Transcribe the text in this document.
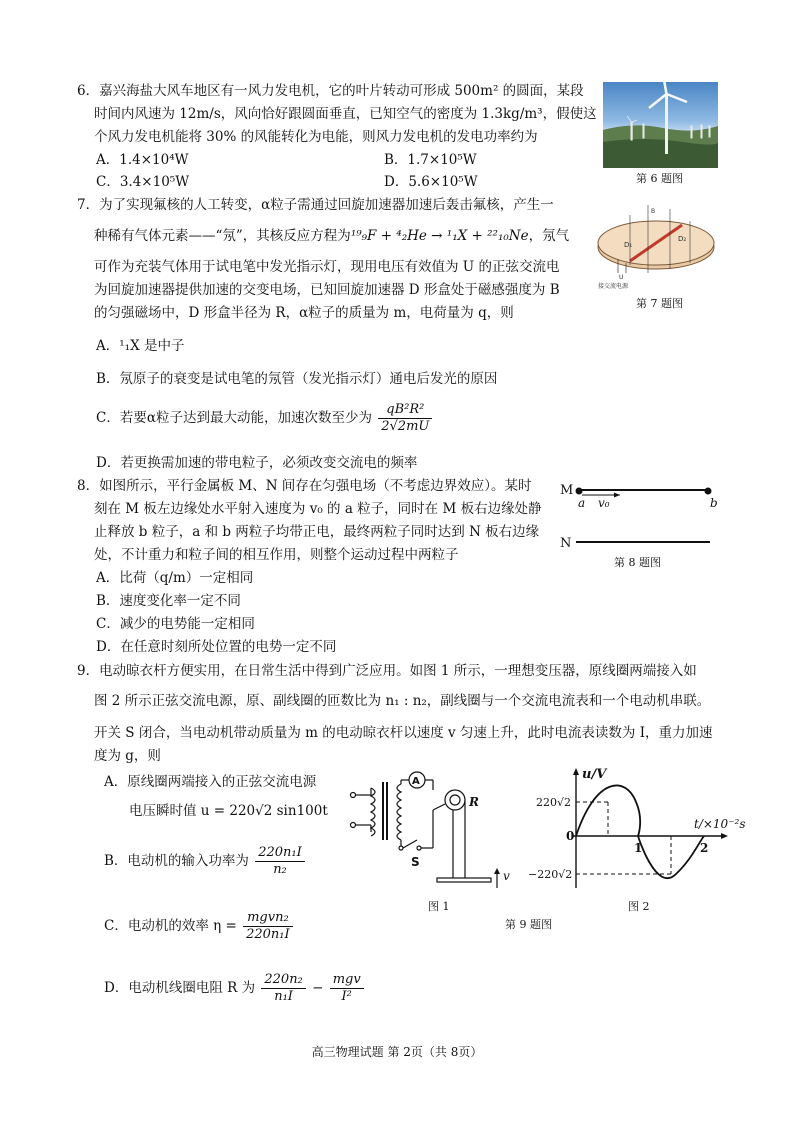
6．嘉兴海盐大风车地区有一风力发电机，它的叶片转动可形成 500m² 的圆面，某段
时间内风速为 12m/s，风向恰好跟圆面垂直，已知空气的密度为 1.3kg/m³，假使这
个风力发电机能将 30% 的风能转化为电能，则风力发电机的发电功率约为
A．1.4×10⁴W	B．1.7×10⁵W
C．3.4×10⁵W	D．5.6×10⁵W	第 6 题图
7．为了实现氟核的人工转变，α粒子需通过回旋加速器加速后轰击氟核，产生一
种稀有气体元素——“氖”，其核反应方程为¹⁹₉F + ⁴₂He → ¹₁X + ²²₁₀Ne，氖气
可作为充装气体用于试电笔中发光指示灯，现用电压有效值为 U 的正弦交流电
为回旋加速器提供加速的交变电场，已知回旋加速器 D 形盒处于磁感强度为 B
的匀强磁场中，D 形盒半径为 R，α粒子的质量为 m，电荷量为 q，则
A．¹₁X 是中子
B．氖原子的衰变是试电笔的氖管（发光指示灯）通电后发光的原因
C．若要α粒子达到最大动能，加速次数至少为 $\frac{\text{qB²R²}}{2√2mU}$
D．若更换需加速的带电粒子，必须改变交流电的频率
B
D₁
D₂
U
接交流电源
第 7 题图
8．如图所示，平行金属板 M、N 间存在匀强电场（不考虑边界效应）。某时
刻在 M 板左边缘处水平射入速度为 v₀ 的 a 粒子，同时在 M 板右边缘处静
止释放 b 粒子，a 和 b 两粒子均带正电，最终两粒子同时达到 N 板右边缘
处，不计重力和粒子间的相互作用，则整个运动过程中两粒子
A．比荷（q/m）一定相同
B．速度变化率一定不同
C．减少的电势能一定相同
D．在任意时刻所处位置的电势一定不同
M
N
a v₀	b
第 8 题图
9．电动晾衣杆方便实用，在日常生活中得到广泛应用。如图 1 所示，一理想变压器，原线圈两端接入如
图 2 所示正弦交流电源，原、副线圈的匝数比为 n₁ : n₂，副线圈与一个交流电流表和一个电动机串联。
开关 S 闭合，当电动机带动质量为 m 的电动晾衣杆以速度 v 匀速上升，此时电流表读数为 I，重力加速
度为 g，则
A．原线圈两端接入的正弦交流电源
电压瞬时值 u = 220√2 sin100t
B．电动机的输入功率为 $\frac{\text{220n₁I}}{\text{n₂}}$
C．电动机的效率 $\eta = \frac{\text{mgvn₂}}{\text{220n₁I}}$
D．电动机线圈电阻 R 为 $\frac{\text{220n₂}}{\text{n₁I}} - \frac{\text{mgv}}{\text{I²}}$
A
R
S
v
图 1
第 9 题图
u/V
t/×10⁻²s
220√2
−220√2
0
1	2
图 2
高三物理试题 第 2页（共 8页）
